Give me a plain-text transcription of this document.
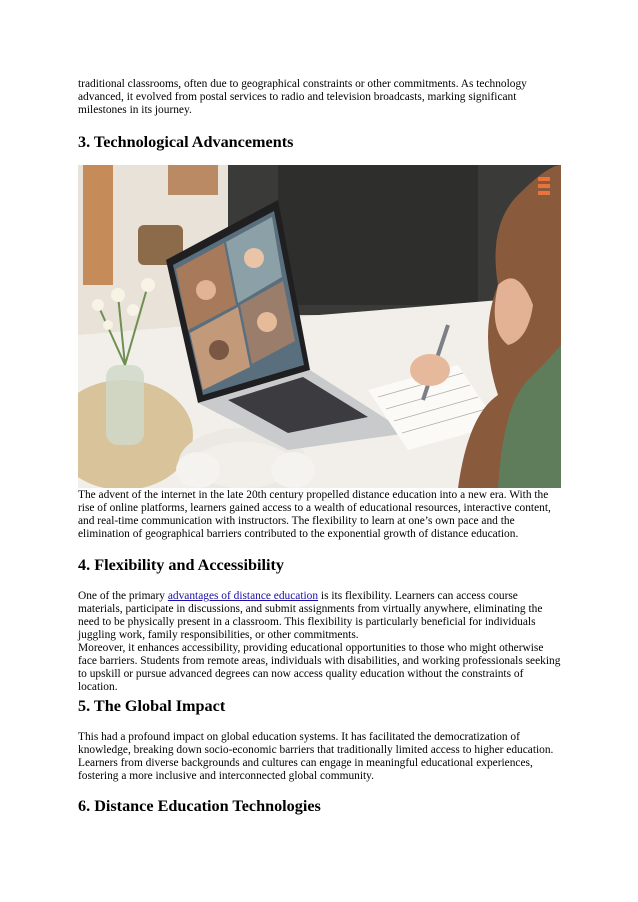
traditional classrooms, often due to geographical constraints or other commitments. As technology advanced, it evolved from postal services to radio and television broadcasts, marking significant milestones in its journey.

3. Technological Advancements

The advent of the internet in the late 20th century propelled distance education into a new era. With the rise of online platforms, learners gained access to a wealth of educational resources, interactive content, and real-time communication with instructors. The flexibility to learn at one’s own pace and the elimination of geographical barriers contributed to the exponential growth of distance education.

4. Flexibility and Accessibility

One of the primary advantages of distance education is its flexibility. Learners can access course materials, participate in discussions, and submit assignments from virtually anywhere, eliminating the need to be physically present in a classroom. This flexibility is particularly beneficial for individuals juggling work, family responsibilities, or other commitments.

Moreover, it enhances accessibility, providing educational opportunities to those who might otherwise face barriers. Students from remote areas, individuals with disabilities, and working professionals seeking to upskill or pursue advanced degrees can now access quality education without the constraints of location.

5. The Global Impact

This had a profound impact on global education systems. It has facilitated the democratization of knowledge, breaking down socio-economic barriers that traditionally limited access to higher education. Learners from diverse backgrounds and cultures can engage in meaningful educational experiences, fostering a more inclusive and interconnected global community.

6. Distance Education Technologies
